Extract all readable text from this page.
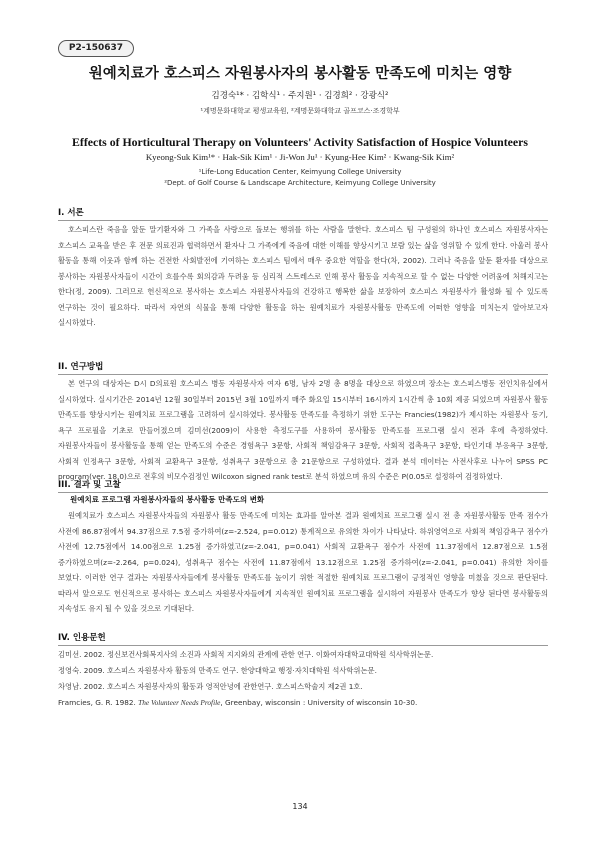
P2-150637
원예치료가 호스피스 자원봉사자의 봉사활동 만족도에 미치는 영향
김경숙¹* · 김학식¹ · 주지원¹ · 김경희² · 강광식²
¹계명문화대학교 평생교육원, ²계명문화대학교 골프코스·조경학부
Effects of Horticultural Therapy on Volunteers' Activity Satisfaction of Hospice Volunteers
Kyeong-Suk Kim¹* · Hak-Sik Kim¹ · Ji-Won Ju¹ · Kyung-Hee Kim² · Kwang-Sik Kim²
¹Life-Long Education Center, Keimyung College University
²Dept. of Golf Course & Landscape Architecture, Keimyung College University
I. 서론
호스피스란 죽음을 앞둔 말기환자와 그 가족을 사랑으로 돌보는 행위를 하는 사람을 말한다. 호스피스 팀 구성원의 하나인 호스피스 자원봉사자는 호스피스 교육을 받은 후 전문 의료진과 협력하면서 환자나 그 가족에게 죽음에 대한 이해를 향상시키고 보람 있는 삶을 영위할 수 있게 한다. 아울러 봉사 활동을 통해 이웃과 함께 하는 건전한 사회발전에 기여하는 호스피스 팀에서 매우 중요한 역할을 한다(차, 2002). 그러나 죽음을 앞둔 환자를 대상으로 봉사하는 자원봉사자들이 시간이 흐를수록 회의감과 두려움 등 심리적 스트레스로 인해 봉사 활동을 지속적으로 할 수 없는 다양한 어려움에 처해지고는 한다(정, 2009). 그러므로 헌신적으로 봉사하는 호스피스 자원봉사자들의 건강하고 행복한 삶을 보장하여 호스피스 자원봉사가 활성화 될 수 있도록 연구하는 것이 필요하다. 따라서 자연의 식물을 통해 다양한 활동을 하는 원예치료가 자원봉사활동 만족도에 어떠한 영향을 미치는지 알아보고자 실시하였다.
II. 연구방법
본 연구의 대상자는 D시 D의료원 호스피스 병동 자원봉사자 여자 6명, 남자 2명 총 8명을 대상으로 하였으며 장소는 호스피스병동 전인치유실에서 실시하였다. 실시기간은 2014년 12월 30일부터 2015년 3월 10일까지 매주 화요일 15시부터 16시까지 1시간씩 총 10회 제공 되었으며 자원봉사 활동 만족도를 향상시키는 원예치료 프로그램을 고려하여 실시하였다. 봉사활동 만족도를 측정하기 위한 도구는 Francies(1982)가 제시하는 자원봉사 동기, 욕구 프로필을 기초로 만들어졌으며 김미선(2009)이 사용한 측정도구를 사용하여 봉사활동 만족도를 프로그램 실시 전과 후에 측정하였다. 자원봉사자들이 봉사활동을 통해 얻는 만족도의 수준은 경험욕구 3문항, 사회적 책임감욕구 3문항, 사회적 접촉욕구 3문항, 타인기대 부응욕구 3문항, 사회적 인정욕구 3문항, 사회적 교환욕구 3문항, 성취욕구 3문항으로 총 21문항으로 구성하였다. 결과 분석 데이터는 사전사후로 나누어 SPSS PC program(ver. 18.0)으로 전후의 비모수검정인 Wilcoxon signed rank test로 분석 하였으며 유의 수준은 P(0.05로 설정하여 검정하였다.
III. 결과 및 고찰
원예치료 프로그램 자원봉사자들의 봉사활동 만족도의 변화
원예치료가 호스피스 자원봉사자들의 자원봉사 활동 만족도에 미치는 효과를 알아본 결과 원예치료 프로그램 실시 전 총 자원봉사활동 만족 점수가 사전에 86.87점에서 94.37점으로 7.5점 증가하여(z=-2.524, p=0.012) 통계적으로 유의한 차이가 나타났다. 하위영역으로 사회적 책임감욕구 점수가 사전에 12.75점에서 14.00점으로 1.25점 증가하였고(z=-2.041, p=0.041) 사회적 교환욕구 점수가 사전에 11.37점에서 12.87점으로 1.5점 증가하였으며(z=-2.264, p=0.024), 성취욕구 점수는 사전에 11.87점에서 13.12점으로 1.25점 증가하여(z=-2.041, p=0.041) 유의한 차이를 보였다. 이러한 연구 결과는 자원봉사자들에게 봉사활동 만족도를 높이기 위한 적절한 원예치료 프로그램이 긍정적인 영향을 미쳤을 것으로 판단된다. 따라서 앞으로도 헌신적으로 봉사하는 호스피스 자원봉사자들에게 지속적인 원예치료 프로그램을 실시하여 자원봉사 만족도가 향상 된다면 봉사활동의 지속성도 유지 될 수 있을 것으로 기대된다.
IV. 인용문헌
김미선. 2002. 정신보건사회복지사의 소진과 사회적 지지와의 관계에 관한 연구. 이화여자대학교대학원 석사학위논문.
정영숙. 2009. 호스피스 자원봉사자 활동의 만족도 연구. 한양대학교 행정·자치대학원 석사학위논문.
차영남. 2002. 호스피스 자원봉사자의 활동과 영적안녕에 관한연구. 호스피스학술지 제2권 1호.
Framcies, G. R. 1982. The Volunteer Needs Profile, Greenbay, wisconsin : University of wisconsin 10-30.
134
